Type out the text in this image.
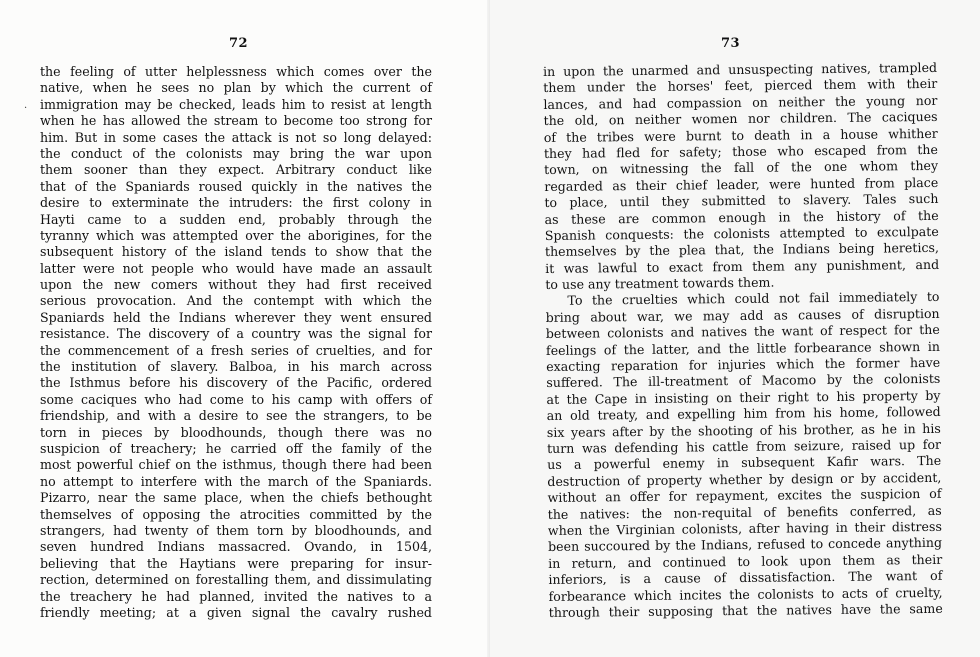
72
·
the feeling of utter helplessness which comes over the
native, when he sees no plan by which the current of
immigration may be checked, leads him to resist at length
when he has allowed the stream to become too strong for
him. But in some cases the attack is not so long delayed:
the conduct of the colonists may bring the war upon
them sooner than they expect. Arbitrary conduct like
that of the Spaniards roused quickly in the natives the
desire to exterminate the intruders: the first colony in
Hayti came to a sudden end, probably through the
tyranny which was attempted over the aborigines, for the
subsequent history of the island tends to show that the
latter were not people who would have made an assault
upon the new comers without they had first received
serious provocation. And the contempt with which the
Spaniards held the Indians wherever they went ensured
resistance. The discovery of a country was the signal for
the commencement of a fresh series of cruelties, and for
the institution of slavery. Balboa, in his march across
the Isthmus before his discovery of the Pacific, ordered
some caciques who had come to his camp with offers of
friendship, and with a desire to see the strangers, to be
torn in pieces by bloodhounds, though there was no
suspicion of treachery; he carried off the family of the
most powerful chief on the isthmus, though there had been
no attempt to interfere with the march of the Spaniards.
Pizarro, near the same place, when the chiefs bethought
themselves of opposing the atrocities committed by the
strangers, had twenty of them torn by bloodhounds, and
seven hundred Indians massacred. Ovando, in 1504,
believing that the Haytians were preparing for insur-
rection, determined on forestalling them, and dissimulating
the treachery he had planned, invited the natives to a
friendly meeting; at a given signal the cavalry rushed
73
in upon the unarmed and unsuspecting natives, trampled
them under the horses' feet, pierced them with their
lances, and had compassion on neither the young nor
the old, on neither women nor children. The caciques
of the tribes were burnt to death in a house whither
they had fled for safety; those who escaped from the
town, on witnessing the fall of the one whom they
regarded as their chief leader, were hunted from place
to place, until they submitted to slavery. Tales such
as these are common enough in the history of the
Spanish conquests: the colonists attempted to exculpate
themselves by the plea that, the Indians being heretics,
it was lawful to exact from them any punishment, and
to use any treatment towards them.
To the cruelties which could not fail immediately to
bring about war, we may add as causes of disruption
between colonists and natives the want of respect for the
feelings of the latter, and the little forbearance shown in
exacting reparation for injuries which the former have
suffered. The ill-treatment of Macomo by the colonists
at the Cape in insisting on their right to his property by
an old treaty, and expelling him from his home, followed
six years after by the shooting of his brother, as he in his
turn was defending his cattle from seizure, raised up for
us a powerful enemy in subsequent Kafir wars. The
destruction of property whether by design or by accident,
without an offer for repayment, excites the suspicion of
the natives: the non-requital of benefits conferred, as
when the Virginian colonists, after having in their distress
been succoured by the Indians, refused to concede anything
in return, and continued to look upon them as their
inferiors, is a cause of dissatisfaction. The want of
forbearance which incites the colonists to acts of cruelty,
through their supposing that the natives have the same
